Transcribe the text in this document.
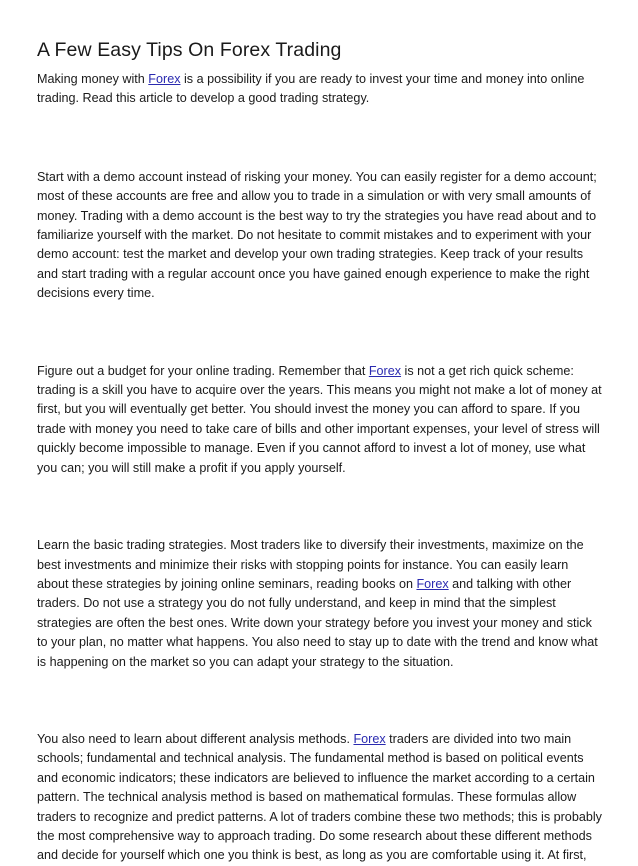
A Few Easy Tips On Forex Trading

Making money with Forex is a possibility if you are ready to invest your time and money into online
trading. Read this article to develop a good trading strategy.

Start with a demo account instead of risking your money. You can easily register for a demo account;
most of these accounts are free and allow you to trade in a simulation or with very small amounts of
money. Trading with a demo account is the best way to try the strategies you have read about and to
familiarize yourself with the market. Do not hesitate to commit mistakes and to experiment with your
demo account: test the market and develop your own trading strategies. Keep track of your results
and start trading with a regular account once you have gained enough experience to make the right
decisions every time.

Figure out a budget for your online trading. Remember that Forex is not a get rich quick scheme:
trading is a skill you have to acquire over the years. This means you might not make a lot of money at
first, but you will eventually get better. You should invest the money you can afford to spare. If you
trade with money you need to take care of bills and other important expenses, your level of stress will
quickly become impossible to manage. Even if you cannot afford to invest a lot of money, use what
you can; you will still make a profit if you apply yourself.

Learn the basic trading strategies. Most traders like to diversify their investments, maximize on the
best investments and minimize their risks with stopping points for instance. You can easily learn
about these strategies by joining online seminars, reading books on Forex and talking with other
traders. Do not use a strategy you do not fully understand, and keep in mind that the simplest
strategies are often the best ones. Write down your strategy before you invest your money and stick
to your plan, no matter what happens. You also need to stay up to date with the trend and know what
is happening on the market so you can adapt your strategy to the situation.

You also need to learn about different analysis methods. Forex traders are divided into two main
schools; fundamental and technical analysis. The fundamental method is based on political events
and economic indicators; these indicators are believed to influence the market according to a certain
pattern. The technical analysis method is based on mathematical formulas. These formulas allow
traders to recognize and predict patterns. A lot of traders combine these two methods; this is probably
the most comprehensive way to approach trading. Do some research about these different methods
and decide for yourself which one you think is best, as long as you are comfortable using it. At first,
